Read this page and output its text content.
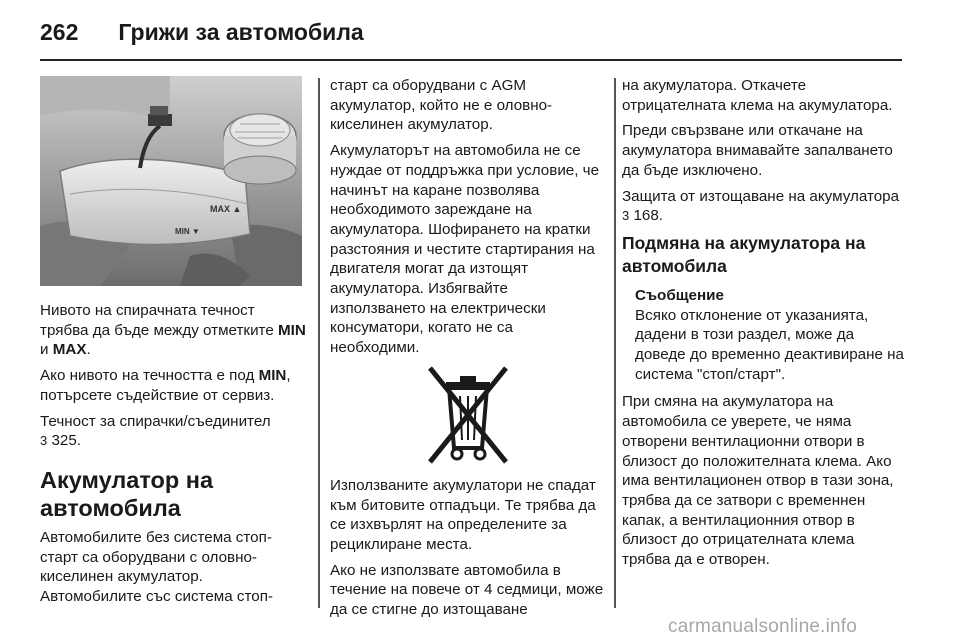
262 Грижи за автомобила
MAX ▲
MIN ▼

Нивото на спирачната течност трябва да бъде между отметките MIN и MAX.

Ако нивото на течността е под MIN, потърсете съдействие от сервиз.

Течност за спирачки/съединител
3 325.

Акумулатор на автомобила

Автомобилите без система стоп-старт са оборудвани с оловно-киселинен акумулатор.

Автомобилите със система стоп-

старт са оборудвани с AGM акумулатор, който не е оловно-киселинен акумулатор.

Акумулаторът на автомобила не се нуждае от поддръжка при условие, че начинът на каране позволява необходимото зареждане на акумулатора. Шофирането на кратки разстояния и честите стартирания на двигателя могат да изтощят акумулатора. Избягвайте използването на електрически консуматори, когато не са необходими.

Използваните акумулатори не спадат към битовите отпадъци. Те трябва да се изхвърлят на определените за рециклиране места.

Ако не използвате автомобила в течение на повече от 4 седмици, може да се стигне до изтощаване

на акумулатора. Откачете отрицателната клема на акумулатора.

Преди свързване или откачане на акумулатора внимавайте запалването да бъде изключено.

Защита от изтощаване на акумулатора
3 168.

Подмяна на акумулатора на автомобила
Съобщение
Всяко отклонение от указанията, дадени в този раздел, може да доведе до временно деактивиране на система "стоп/старт".

При смяна на акумулатора на автомобила се уверете, че няма отворени вентилационни отвори в близост до положителната клема. Ако има вентилационен отвор в тази зона, трябва да се затвори с временнен капак, а вентилационния отвор в близост до отрицателната клема трябва да е отворен.

carmanualsonline.info
